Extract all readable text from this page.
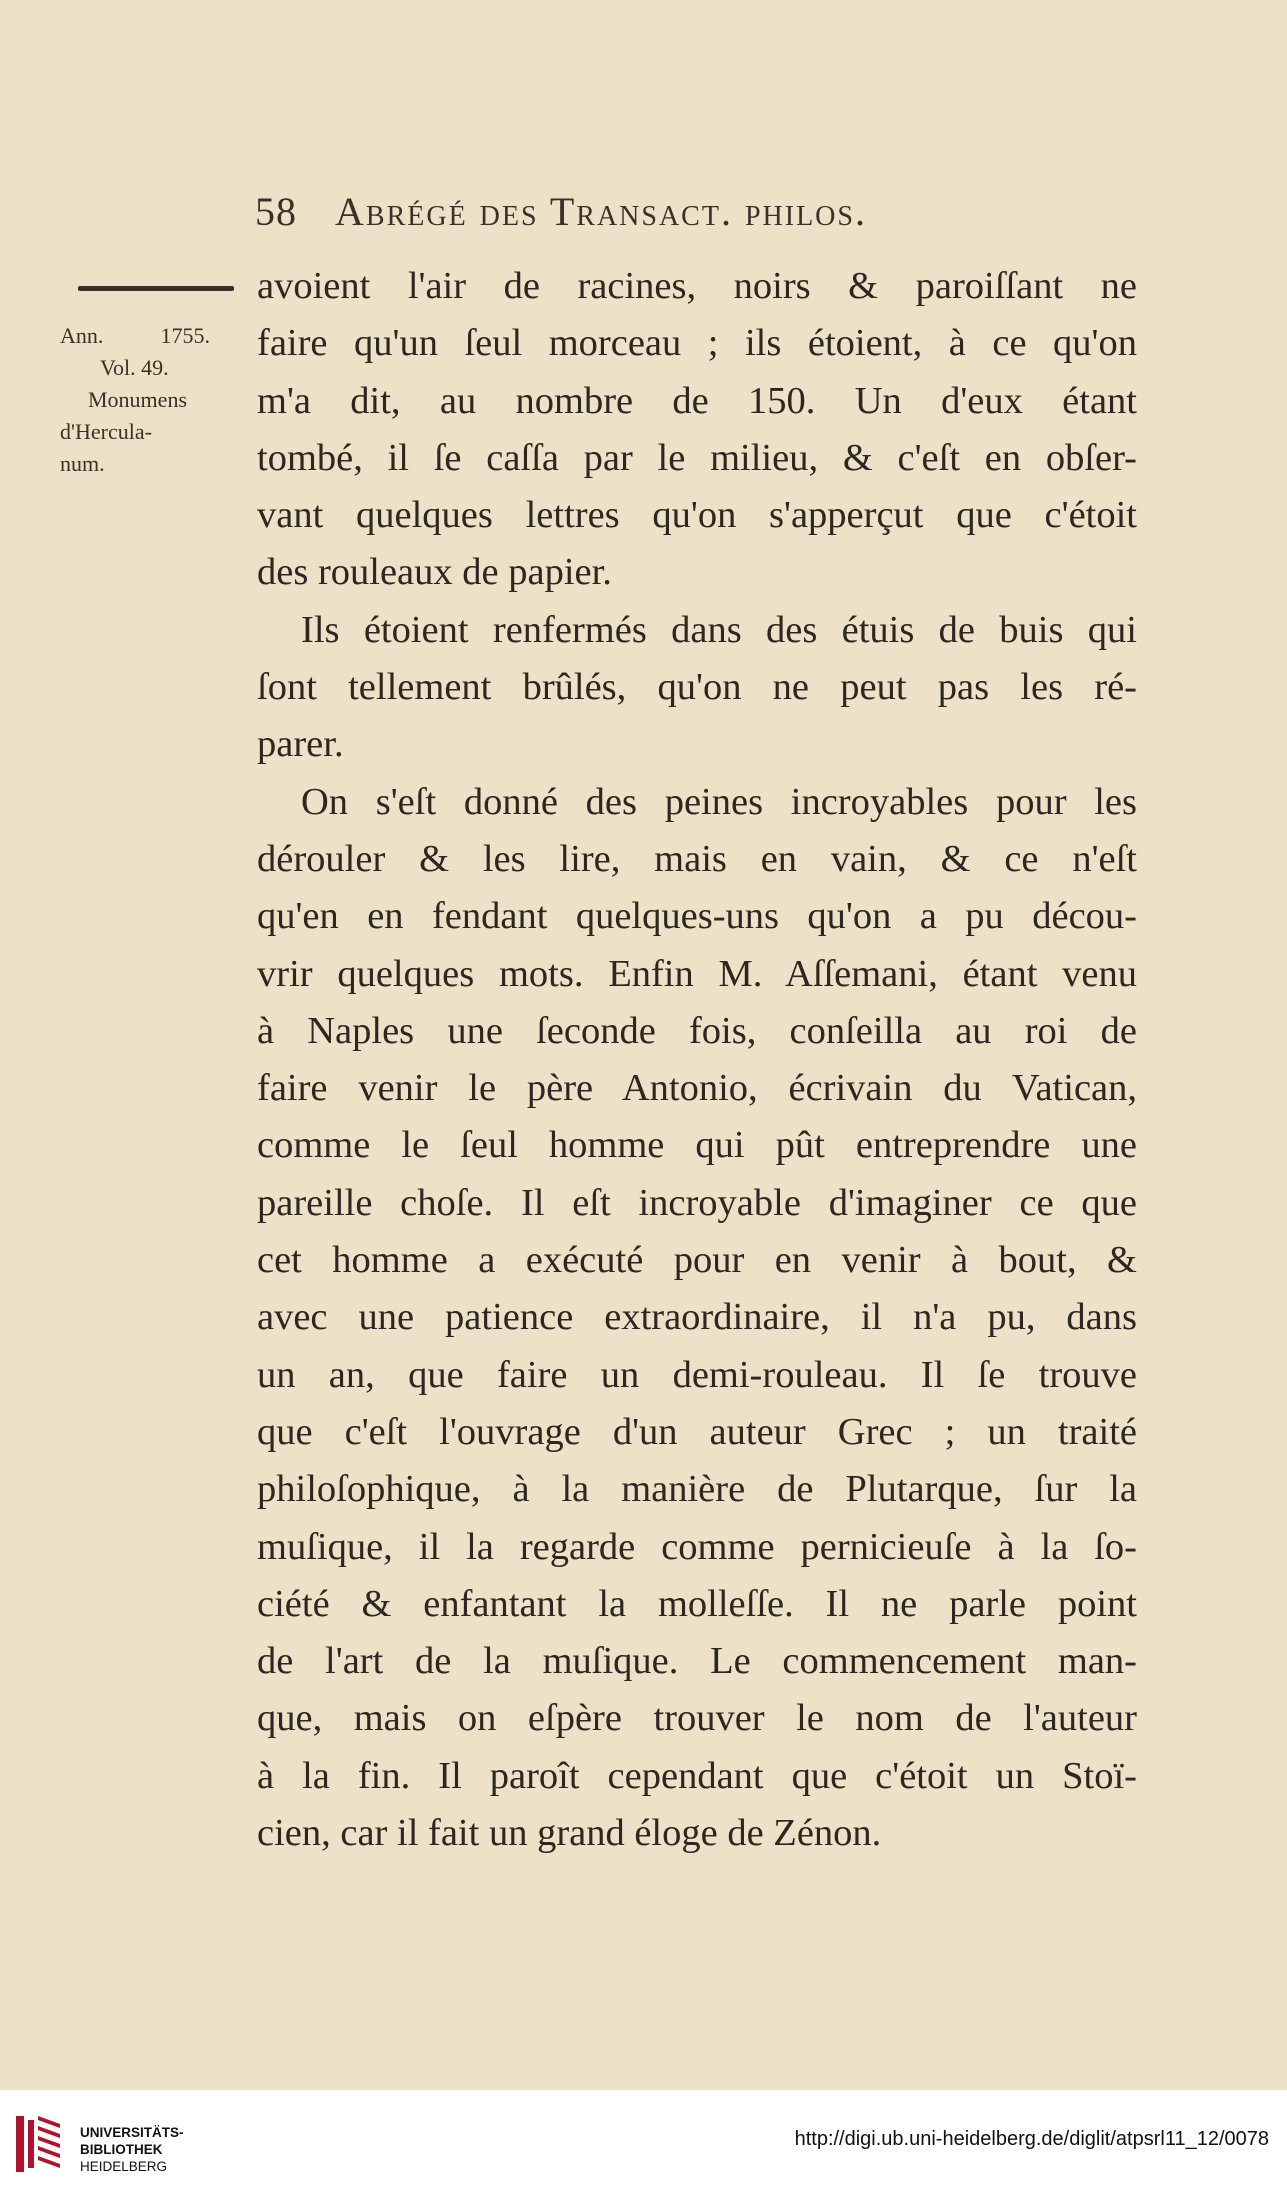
58 Abrégé des Transact. philos.
Ann.	1755.
Vol. 49.
Monumens
d'Hercula-
num.
avoient l'air de racines, noirs & paroiſſant ne
faire qu'un ſeul morceau ; ils étoient, à ce qu'on
m'a dit, au nombre de 150. Un d'eux étant
tombé, il ſe caſſa par le milieu, & c'eſt en obſer-
vant quelques lettres qu'on s'apperçut que c'étoit
des rouleaux de papier.
Ils étoient renfermés dans des étuis de buis qui
ſont tellement brûlés, qu'on ne peut pas les ré-
parer.
On s'eſt donné des peines incroyables pour les
dérouler & les lire, mais en vain, & ce n'eſt
qu'en en fendant quelques-uns qu'on a pu décou-
vrir quelques mots. Enfin M. Aſſemani, étant venu
à Naples une ſeconde fois, conſeilla au roi de
faire venir le père Antonio, écrivain du Vatican,
comme le ſeul homme qui pût entreprendre une
pareille choſe. Il eſt incroyable d'imaginer ce que
cet homme a exécuté pour en venir à bout, &
avec une patience extraordinaire, il n'a pu, dans
un an, que faire un demi-rouleau. Il ſe trouve
que c'eſt l'ouvrage d'un auteur Grec ; un traité
philoſophique, à la manière de Plutarque, ſur la
muſique, il la regarde comme pernicieuſe à la ſo-
ciété & enfantant la molleſſe. Il ne parle point
de l'art de la muſique. Le commencement man-
que, mais on eſpère trouver le nom de l'auteur
à la fin. Il paroît cependant que c'étoit un Stoï-
cien, car il fait un grand éloge de Zénon.
UNIVERSITÄTS-
BIBLIOTHEK
HEIDELBERG
http://digi.ub.uni-heidelberg.de/diglit/atpsrl11_12/0078
